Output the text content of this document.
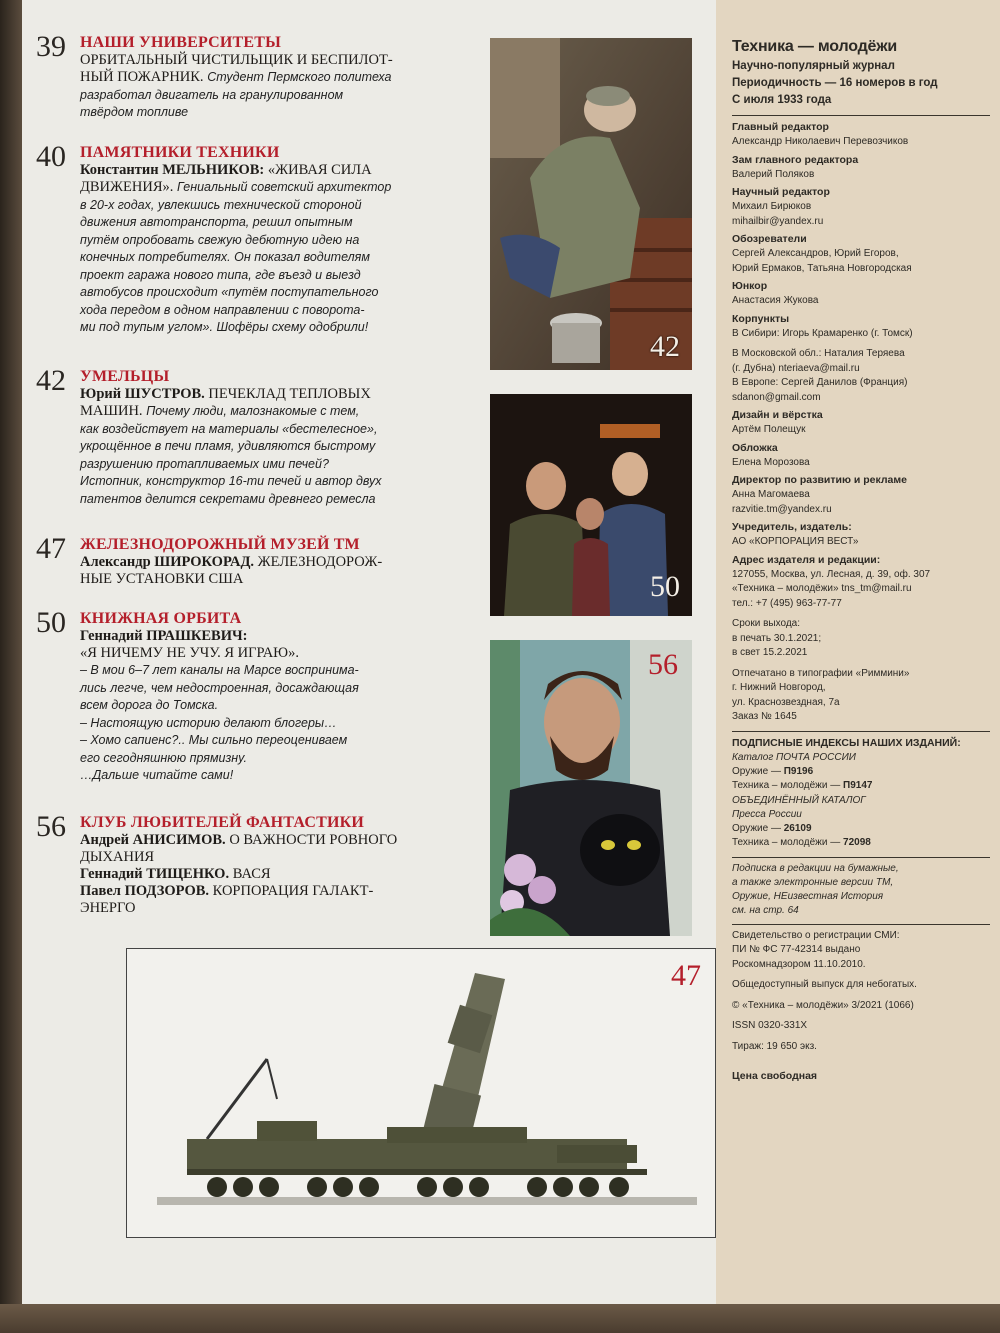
39 НАШИ УНИВЕРСИТЕТЫ
ОРБИТАЛЬНЫЙ ЧИСТИЛЬЩИК И БЕСПИЛОТ-
НЫЙ ПОЖАРНИК. Студент Пермского политеха
разработал двигатель на гранулированном
твёрдом топливе
40 ПАМЯТНИКИ ТЕХНИКИ
Константин МЕЛЬНИКОВ: «ЖИВАЯ СИЛА
ДВИЖЕНИЯ». Гениальный советский архитектор
в 20-х годах, увлекшись технической стороной
движения автотранспорта, решил опытным
путём опробовать свежую дебютную идею на
конечных потребителях. Он показал водителям
проект гаража нового типа, где въезд и выезд
автобусов происходит «путём поступательного
хода передом в одном направлении с поворота-
ми под тупым углом». Шофёры схему одобрили!
42 УМЕЛЬЦЫ
Юрий ШУСТРОВ. ПЕЧЕКЛАД ТЕПЛОВЫХ
МАШИН. Почему люди, малознакомые с тем,
как воздействует на материалы «бестелесное»,
укрощённое в печи пламя, удивляются быстрому
разрушению протапливаемых ими печей?
Истопник, конструктор 16-ти печей и автор двух
патентов делится секретами древнего ремесла
47 ЖЕЛЕЗНОДОРОЖНЫЙ МУЗЕЙ ТМ
Александр ШИРОКОРАД. ЖЕЛЕЗНОДОРОЖ-
НЫЕ УСТАНОВКИ США
50 КНИЖНАЯ ОРБИТА
Геннадий ПРАШКЕВИЧ:
«Я НИЧЕМУ НЕ УЧУ. Я ИГРАЮ».
– В мои 6–7 лет каналы на Марсе воспринима-
лись легче, чем недостроенная, досаждающая
всем дорога до Томска.
– Настоящую историю делают блогеры…
– Хомо сапиенс?.. Мы сильно переоцениваем
его сегодняшнюю прямизну.
…Дальше читайте сами!
56 КЛУБ ЛЮБИТЕЛЕЙ ФАНТАСТИКИ
Андрей АНИСИМОВ. О ВАЖНОСТИ РОВНОГО
ДЫХАНИЯ
Геннадий ТИЩЕНКО. ВАСЯ
Павел ПОДЗОРОВ. КОРПОРАЦИЯ ГАЛАКТ-
ЭНЕРГО
42
50
56
47
Техника — молодёжи
Научно-популярный журнал
Периодичность — 16 номеров в год
С июля 1933 года
Главный редактор
Александр Николаевич Перевозчиков
Зам главного редактора
Валерий Поляков
Научный редактор
Михаил Бирюков
mihailbir@yandex.ru
Обозреватели
Сергей Александров, Юрий Егоров,
Юрий Ермаков, Татьяна Новгородская
Юнкор
Анастасия Жукова
Корпункты
В Сибири: Игорь Крамаренко (г. Томск)
В Московской обл.: Наталия Теряева
(г. Дубна) nteriaeva@mail.ru
В Европе: Сергей Данилов (Франция)
sdanon@gmail.com
Дизайн и вёрстка
Артём Полещук
Обложка
Елена Морозова
Директор по развитию и рекламе
Анна Магомаева
razvitie.tm@yandex.ru
Учредитель, издатель:
АО «КОРПОРАЦИЯ ВЕСТ»
Адрес издателя и редакции:
127055, Москва, ул. Лесная, д. 39, оф. 307
«Техника – молодёжи» tns_tm@mail.ru
тел.: +7 (495) 963-77-77
Сроки выхода:
в печать 30.1.2021;
в свет 15.2.2021
Отпечатано в типографии «Риммини»
г. Нижний Новгород,
ул. Краснозвездная, 7а
Заказ № 1645
ПОДПИСНЫЕ ИНДЕКСЫ НАШИХ ИЗДАНИЙ:
Каталог ПОЧТА РОССИИ
Оружие — П9196
Техника – молодёжи — П9147
ОБЪЕДИНЁННЫЙ КАТАЛОГ
Пресса России
Оружие — 26109
Техника – молодёжи — 72098
Подписка в редакции на бумажные,
а также электронные версии ТМ,
Оружие, НЕизвестная История
см. на стр. 64
Свидетельство о регистрации СМИ:
ПИ № ФС 77-42314 выдано
Роскомнадзором 11.10.2010.
Общедоступный выпуск для небогатых.
© «Техника – молодёжи» 3/2021 (1066)
ISSN 0320-331X
Тираж: 19 650 экз.
Цена свободная
